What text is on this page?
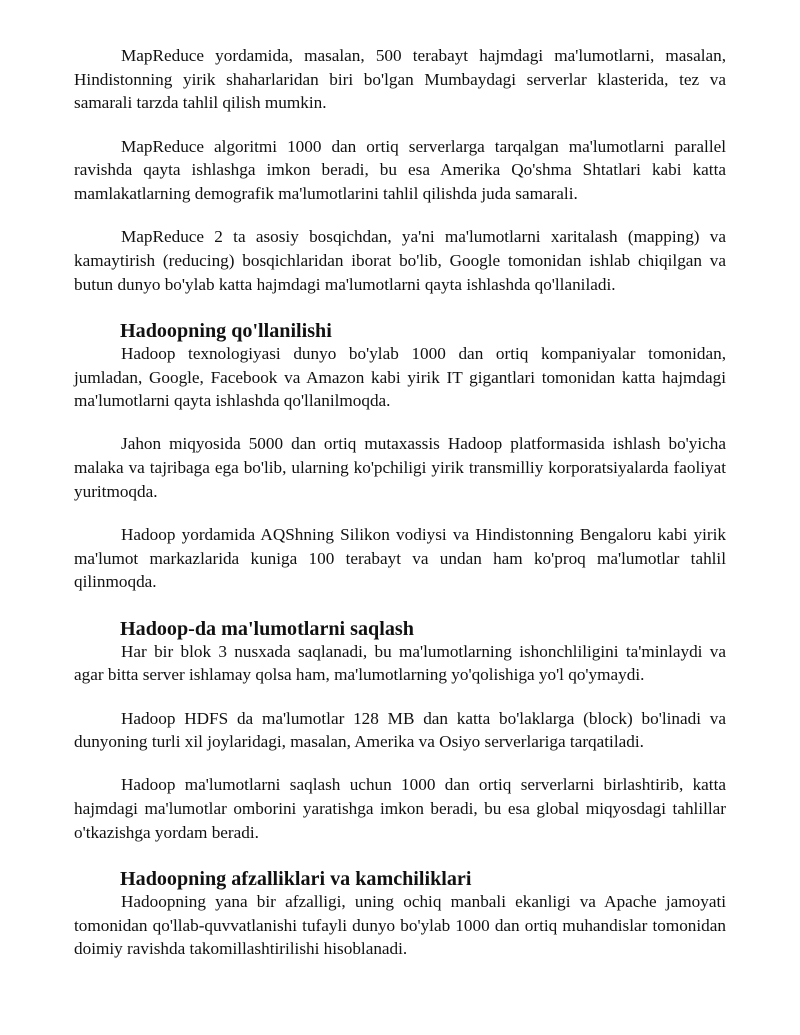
MapReduce yordamida, masalan, 500 terabayt hajmdagi ma'lumotlarni, masalan, Hindistonning yirik shaharlaridan biri bo'lgan Mumbaydagi serverlar klasterida, tez va samarali tarzda tahlil qilish mumkin.

MapReduce algoritmi 1000 dan ortiq serverlarga tarqalgan ma'lumotlarni parallel ravishda qayta ishlashga imkon beradi, bu esa Amerika Qo'shma Shtatlari kabi katta mamlakatlarning demografik ma'lumotlarini tahlil qilishda juda samarali.

MapReduce 2 ta asosiy bosqichdan, ya'ni ma'lumotlarni xaritalash (mapping) va kamaytirish (reducing) bosqichlaridan iborat bo'lib, Google tomonidan ishlab chiqilgan va butun dunyo bo'ylab katta hajmdagi ma'lumotlarni qayta ishlashda qo'llaniladi.

Hadoopning qo'llanilishi

Hadoop texnologiyasi dunyo bo'ylab 1000 dan ortiq kompaniyalar tomonidan, jumladan, Google, Facebook va Amazon kabi yirik IT gigantlari tomonidan katta hajmdagi ma'lumotlarni qayta ishlashda qo'llanilmoqda.

Jahon miqyosida 5000 dan ortiq mutaxassis Hadoop platformasida ishlash bo'yicha malaka va tajribaga ega bo'lib, ularning ko'pchiligi yirik transmilliy korporatsiyalarda faoliyat yuritmoqda.

Hadoop yordamida AQShning Silikon vodiysi va Hindistonning Bengaloru kabi yirik ma'lumot markazlarida kuniga 100 terabayt va undan ham ko'proq ma'lumotlar tahlil qilinmoqda.

Hadoop-da ma'lumotlarni saqlash

Har bir blok 3 nusxada saqlanadi, bu ma'lumotlarning ishonchliligini ta'minlaydi va agar bitta server ishlamay qolsa ham, ma'lumotlarning yo'qolishiga yo'l qo'ymaydi.

Hadoop HDFS da ma'lumotlar 128 MB dan katta bo'laklarga (block) bo'linadi va dunyoning turli xil joylaridagi, masalan, Amerika va Osiyo serverlariga tarqatiladi.

Hadoop ma'lumotlarni saqlash uchun 1000 dan ortiq serverlarni birlashtirib, katta hajmdagi ma'lumotlar omborini yaratishga imkon beradi, bu esa global miqyosdagi tahlillar o'tkazishga yordam beradi.

Hadoopning afzalliklari va kamchiliklari

Hadoopning yana bir afzalligi, uning ochiq manbali ekanligi va Apache jamoyati tomonidan qo'llab-quvvatlanishi tufayli dunyo bo'ylab 1000 dan ortiq muhandislar tomonidan doimiy ravishda takomillashtirilishi hisoblanadi.
